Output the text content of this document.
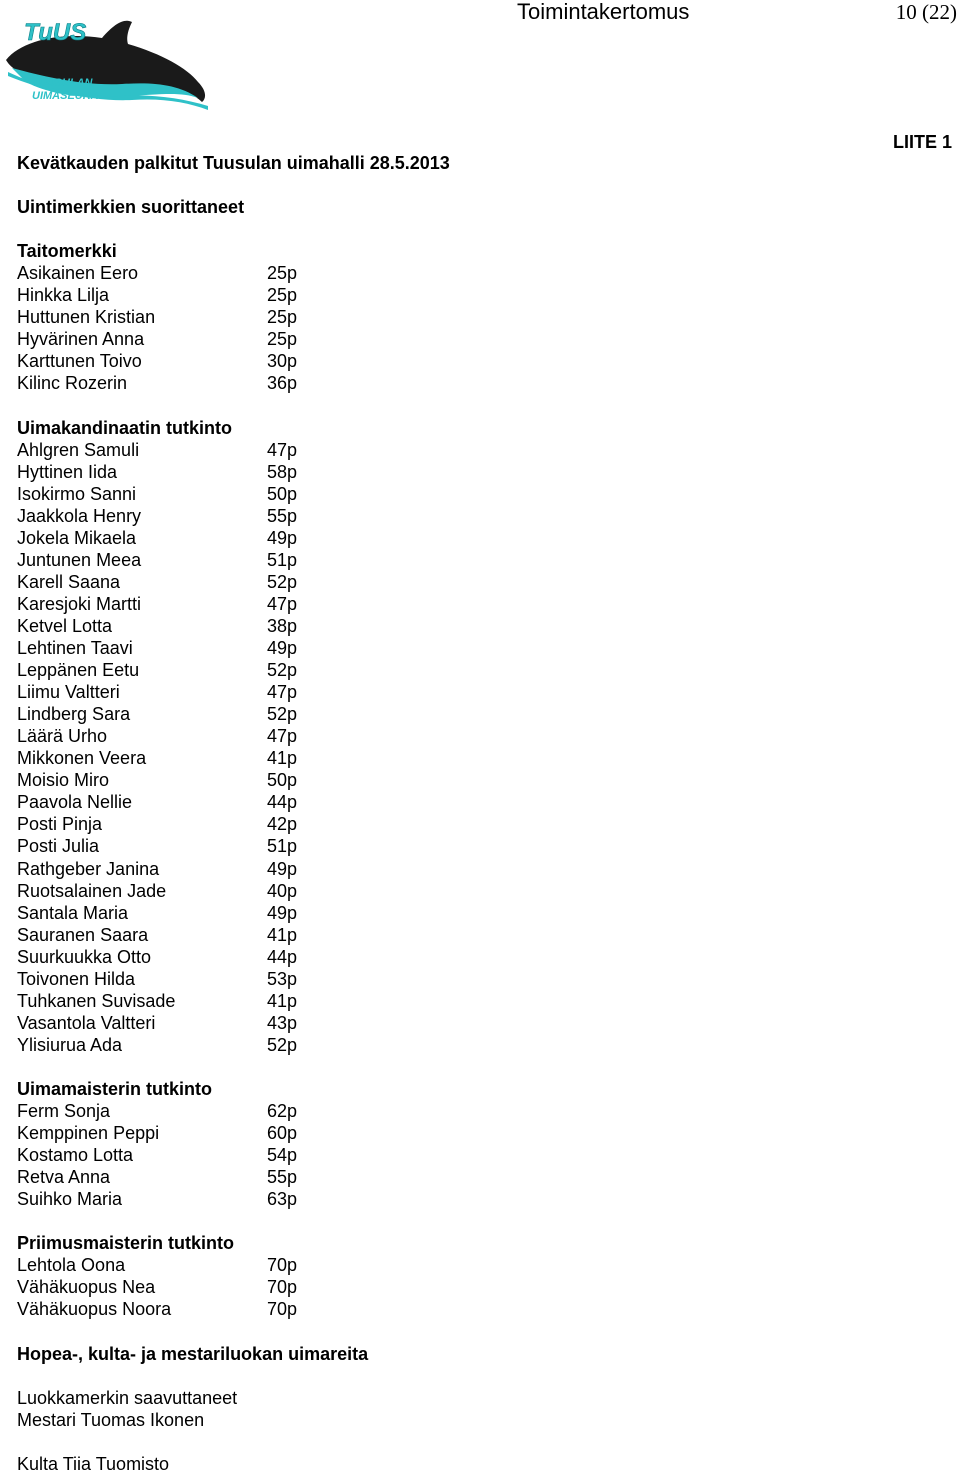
TuUS
TUUSULAN
UIMASEURA
Toimintakertomus	10 (22)
LIITE 1
Kevätkauden palkitut Tuusulan uimahalli 28.5.2013
Uintimerkkien suorittaneet
Taitomerkki
Asikainen Eero	25p
Hinkka Lilja	25p
Huttunen Kristian	25p
Hyvärinen Anna	25p
Karttunen Toivo	30p
Kilinc Rozerin	36p
Uimakandinaatin tutkinto
Ahlgren Samuli	47p
Hyttinen Iida	58p
Isokirmo Sanni	50p
Jaakkola Henry	55p
Jokela Mikaela	49p
Juntunen Meea	51p
Karell Saana	52p
Karesjoki Martti	47p
Ketvel Lotta	38p
Lehtinen Taavi	49p
Leppänen Eetu	52p
Liimu Valtteri	47p
Lindberg Sara	52p
Läärä Urho	47p
Mikkonen Veera	41p
Moisio Miro	50p
Paavola Nellie	44p
Posti Pinja	42p
Posti Julia	51p
Rathgeber Janina	49p
Ruotsalainen Jade	40p
Santala Maria	49p
Sauranen Saara	41p
Suurkuukka Otto	44p
Toivonen Hilda	53p
Tuhkanen Suvisade	41p
Vasantola Valtteri	43p
Ylisiurua Ada	52p
Uimamaisterin tutkinto
Ferm Sonja	62p
Kemppinen Peppi	60p
Kostamo Lotta	54p
Retva Anna	55p
Suihko Maria	63p
Priimusmaisterin tutkinto
Lehtola Oona	70p
Vähäkuopus Nea	70p
Vähäkuopus Noora	70p
Hopea-, kulta- ja mestariluokan uimareita
Luokkamerkin saavuttaneet
Mestari Tuomas Ikonen
Kulta Tiia Tuomisto
